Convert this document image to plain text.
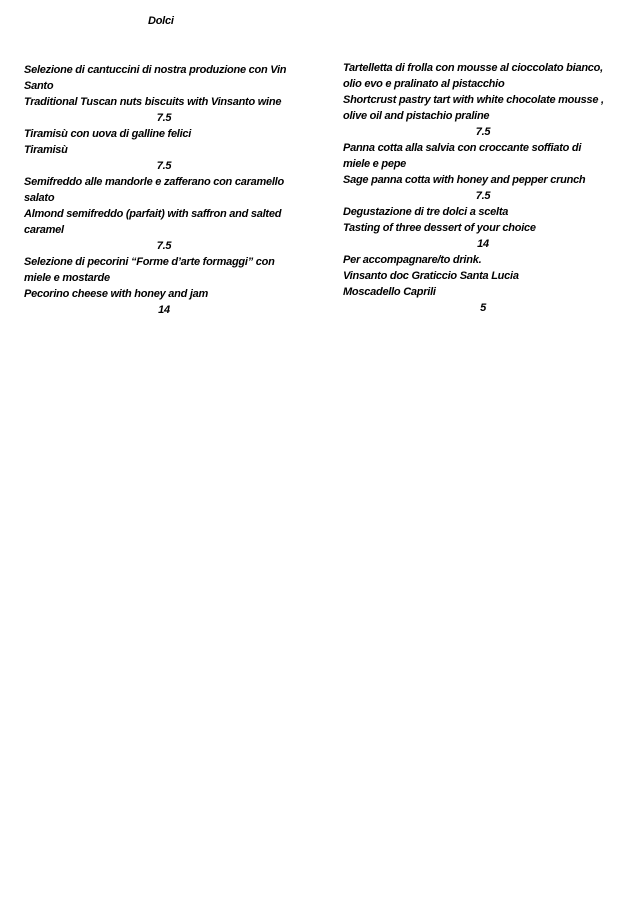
Dolci
Selezione di cantuccini di nostra produzione con Vin
Santo
Traditional Tuscan nuts biscuits with Vinsanto wine
7.5
Tiramisù con uova di galline felici
Tiramisù
7.5
Semifreddo alle mandorle e zafferano con caramello
salato
Almond semifreddo (parfait) with saffron and salted
caramel
7.5
Selezione di pecorini “Forme d’arte formaggi” con
miele e mostarde
Pecorino cheese with honey and jam
14
Tartelletta di frolla con mousse al cioccolato bianco,
olio evo e pralinato al pistacchio
Shortcrust pastry tart with white chocolate mousse ,
olive oil and pistachio praline
7.5
Panna cotta alla salvia con croccante soffiato di
miele e pepe
Sage panna cotta with honey and pepper crunch
7.5
Degustazione di tre dolci a scelta
Tasting of three dessert of your choice
14
Per accompagnare/to drink.
Vinsanto doc Graticcio Santa Lucia
Moscadello Caprili
5
